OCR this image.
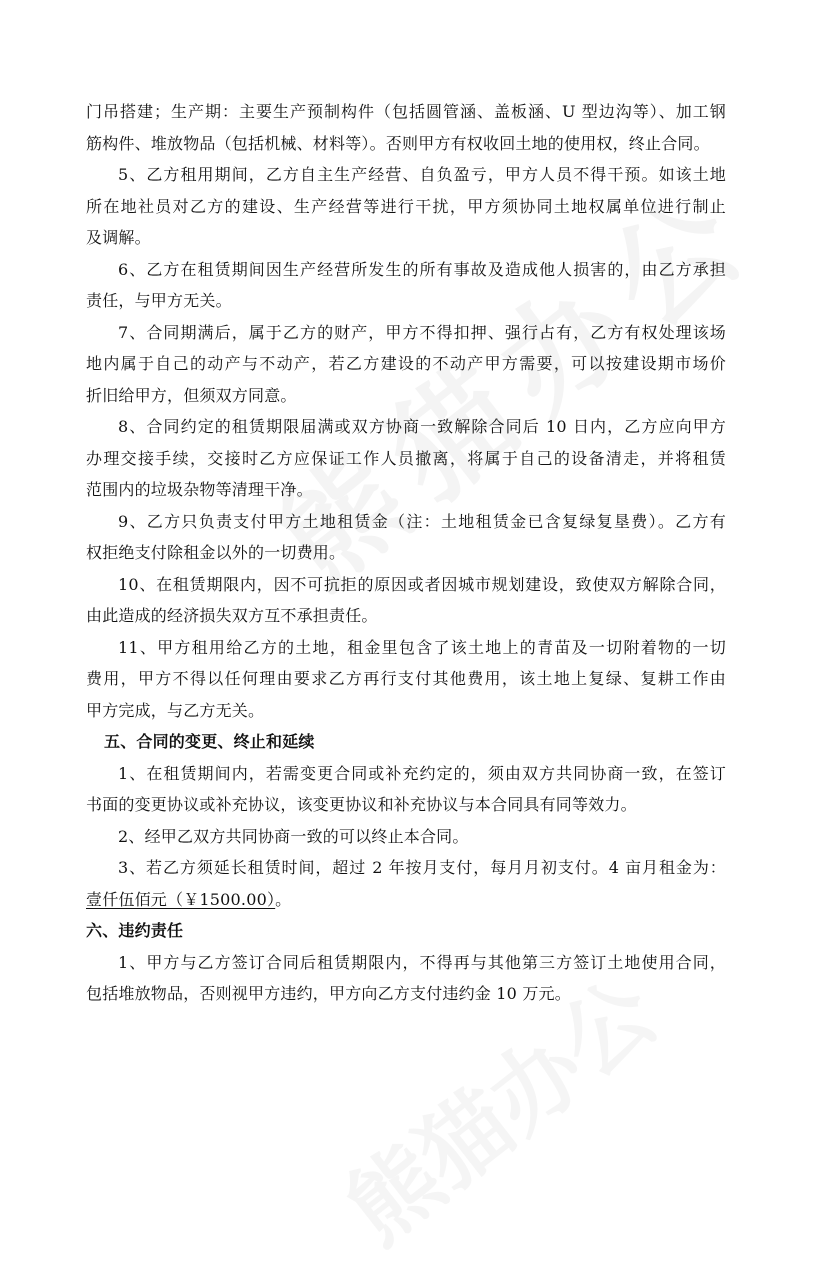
门吊搭建；生产期：主要生产预制构件（包括圆管涵、盖板涵、U 型边沟等）、加工钢
筋构件、堆放物品（包括机械、材料等）。否则甲方有权收回土地的使用权，终止合同。
5、乙方租用期间，乙方自主生产经营、自负盈亏，甲方人员不得干预。如该土地
所在地社员对乙方的建设、生产经营等进行干扰，甲方须协同土地权属单位进行制止
及调解。
6、乙方在租赁期间因生产经营所发生的所有事故及造成他人损害的，由乙方承担
责任，与甲方无关。
7、合同期满后，属于乙方的财产，甲方不得扣押、强行占有，乙方有权处理该场
地内属于自己的动产与不动产，若乙方建设的不动产甲方需要，可以按建设期市场价
折旧给甲方，但须双方同意。
8、合同约定的租赁期限届满或双方协商一致解除合同后 10 日内，乙方应向甲方
办理交接手续，交接时乙方应保证工作人员撤离，将属于自己的设备清走，并将租赁
范围内的垃圾杂物等清理干净。
9、乙方只负责支付甲方土地租赁金（注：土地租赁金已含复绿复垦费）。乙方有
权拒绝支付除租金以外的一切费用。
10、在租赁期限内，因不可抗拒的原因或者因城市规划建设，致使双方解除合同，
由此造成的经济损失双方互不承担责任。
11、甲方租用给乙方的土地，租金里包含了该土地上的青苗及一切附着物的一切
费用，甲方不得以任何理由要求乙方再行支付其他费用，该土地上复绿、复耕工作由
甲方完成，与乙方无关。
五、合同的变更、终止和延续
1、在租赁期间内，若需变更合同或补充约定的，须由双方共同协商一致，在签订
书面的变更协议或补充协议，该变更协议和补充协议与本合同具有同等效力。
2、经甲乙双方共同协商一致的可以终止本合同。
3、若乙方须延长租赁时间，超过 2 年按月支付，每月月初支付。4 亩月租金为：
壹仟伍佰元（￥1500.00）。
六、违约责任
1、甲方与乙方签订合同后租赁期限内，不得再与其他第三方签订土地使用合同，
包括堆放物品，否则视甲方违约，甲方向乙方支付违约金 10 万元。
